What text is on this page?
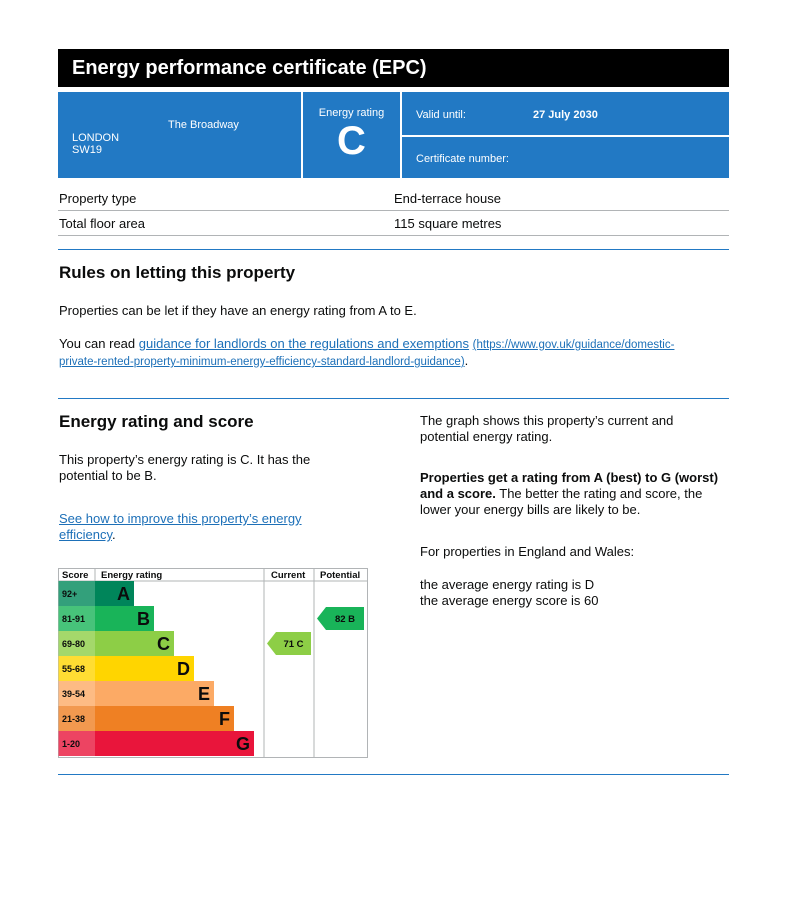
Energy performance certificate (EPC)
The Broadway
LONDON
SW19
Energy rating
C
Valid until:	27 July 2030
Certificate number:
Property type	End-terrace house
Total floor area	115 square metres
Rules on letting this property
Properties can be let if they have an energy rating from A to E.
You can read guidance for landlords on the regulations and exemptions (https://www.gov.uk/guidance/domestic-
private-rented-property-minimum-energy-efficiency-standard-landlord-guidance).
Energy rating and score
This property’s energy rating is C. It has the
potential to be B.
See how to improve this property’s energy
efficiency.
The graph shows this property’s current and
potential energy rating.
Properties get a rating from A (best) to G (worst)
and a score. The better the rating and score, the
lower your energy bills are likely to be.
For properties in England and Wales:
the average energy rating is D
the average energy score is 60
Score Energy rating	Current Potential
92+ A
81-91	B
69-80	C
55-68	D
39-54	E
21-38	F
1-20	G
71 C
82 B
